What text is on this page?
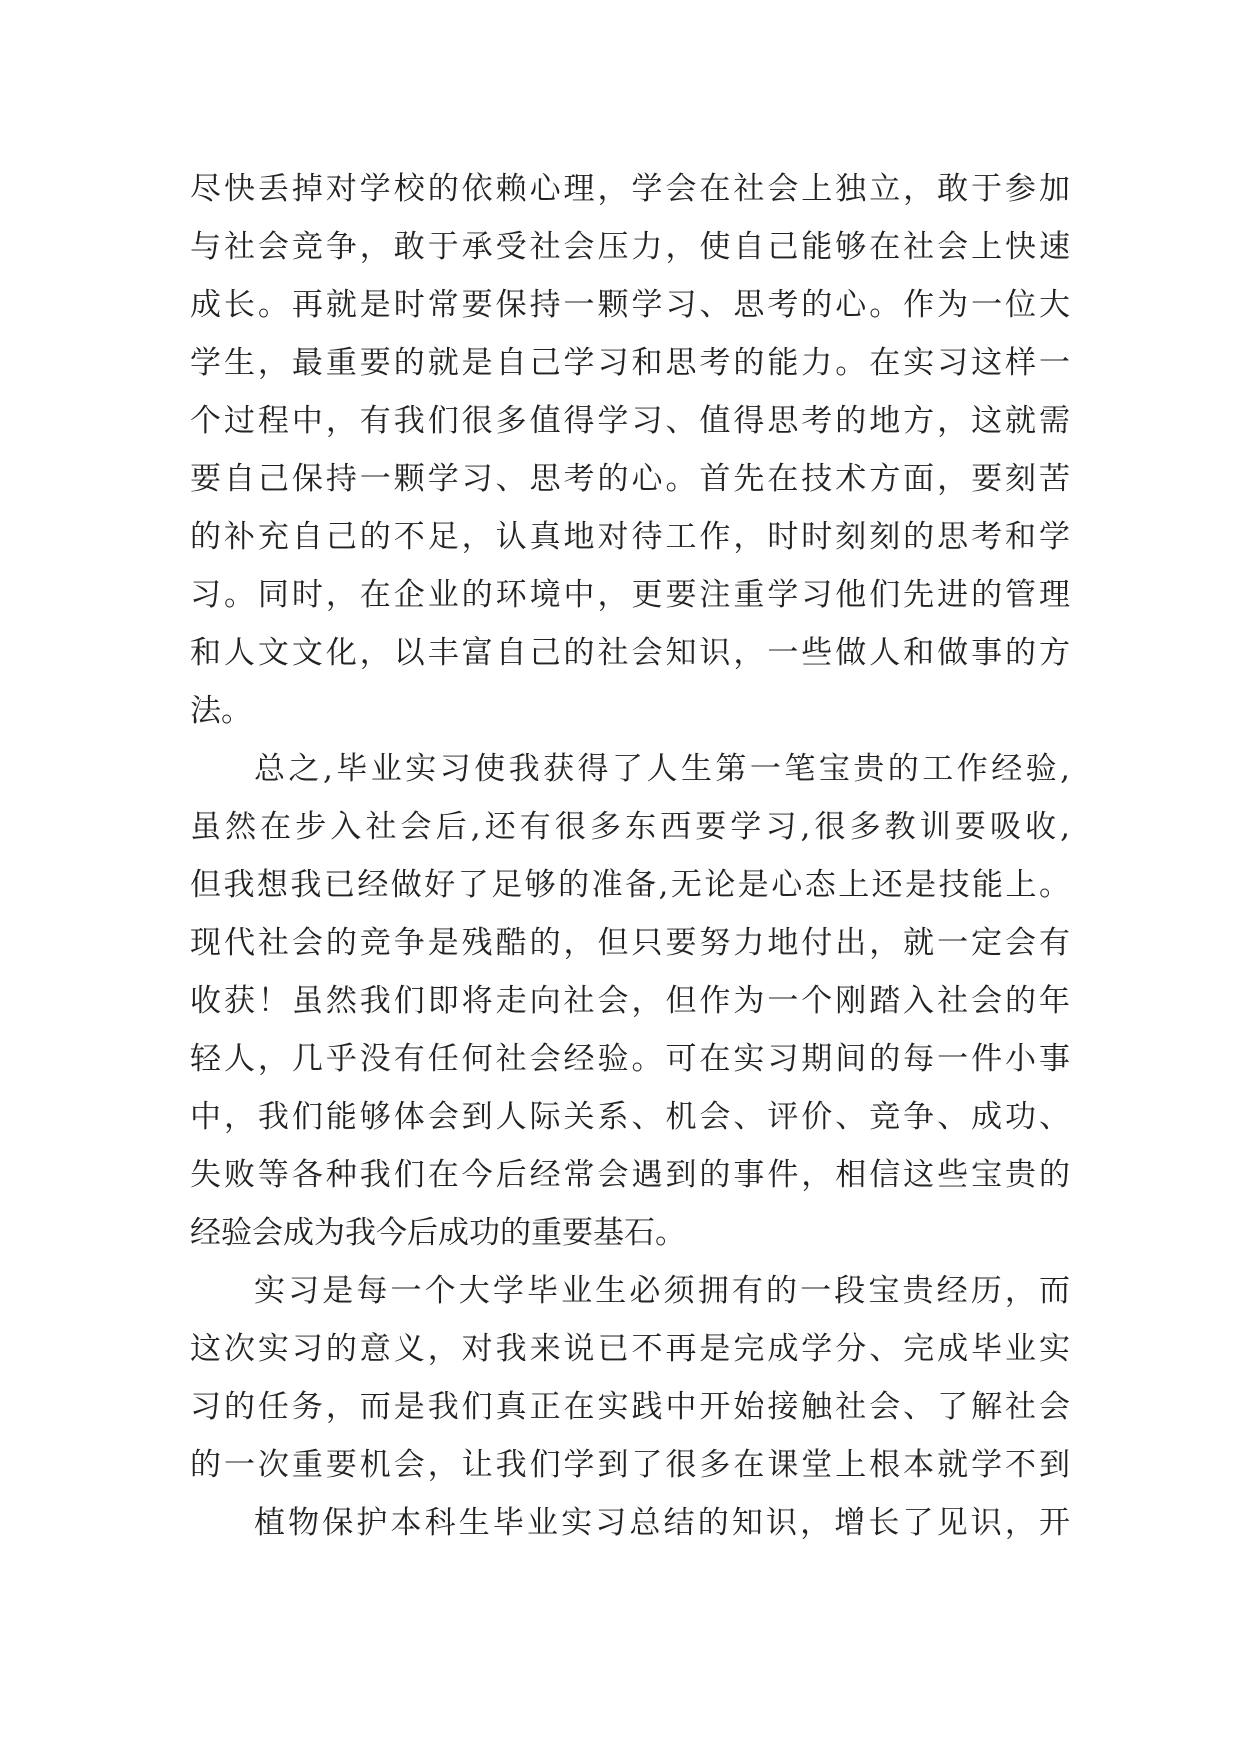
尽快丢掉对学校的依赖心理，学会在社会上独立，敢于参加
与社会竞争，敢于承受社会压力，使自己能够在社会上快速
成长。再就是时常要保持一颗学习、思考的心。作为一位大
学生，最重要的就是自己学习和思考的能力。在实习这样一
个过程中，有我们很多值得学习、值得思考的地方，这就需
要自己保持一颗学习、思考的心。首先在技术方面，要刻苦
的补充自己的不足，认真地对待工作，时时刻刻的思考和学
习。同时，在企业的环境中，更要注重学习他们先进的管理
和人文文化，以丰富自己的社会知识，一些做人和做事的方
法。
总之,毕业实习使我获得了人生第一笔宝贵的工作经验,
虽然在步入社会后,还有很多东西要学习,很多教训要吸收,
但我想我已经做好了足够的准备,无论是心态上还是技能上。
现代社会的竞争是残酷的，但只要努力地付出，就一定会有
收获！虽然我们即将走向社会，但作为一个刚踏入社会的年
轻人，几乎没有任何社会经验。可在实习期间的每一件小事
中，我们能够体会到人际关系、机会、评价、竞争、成功、
失败等各种我们在今后经常会遇到的事件，相信这些宝贵的
经验会成为我今后成功的重要基石。
实习是每一个大学毕业生必须拥有的一段宝贵经历，而
这次实习的意义，对我来说已不再是完成学分、完成毕业实
习的任务，而是我们真正在实践中开始接触社会、了解社会
的一次重要机会，让我们学到了很多在课堂上根本就学不到
植物保护本科生毕业实习总结的知识，增长了见识，开
